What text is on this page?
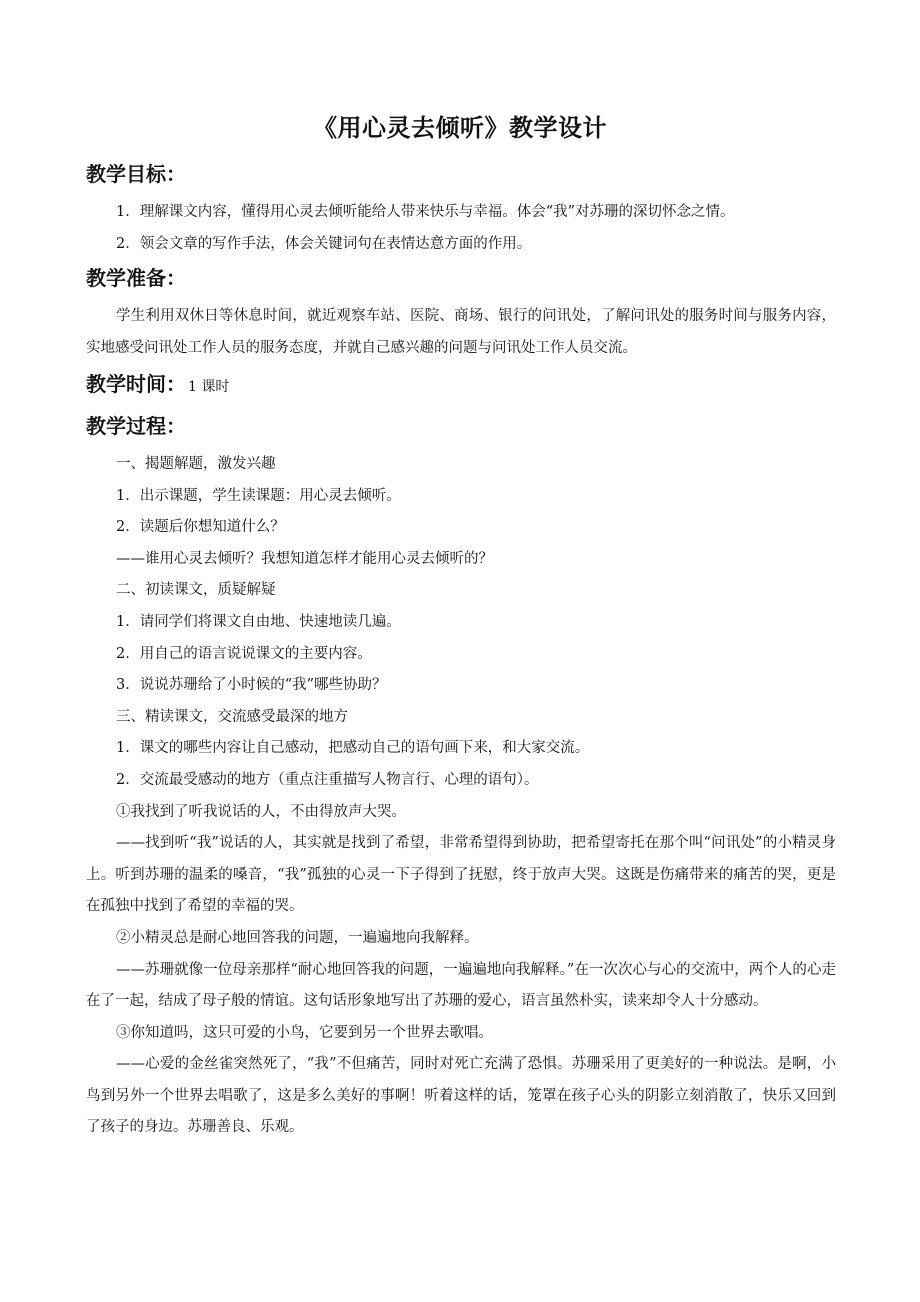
《用心灵去倾听》教学设计
教学目标：

1．理解课文内容，懂得用心灵去倾听能给人带来快乐与幸福。体会“我”对苏珊的深切怀念之情。

2．领会文章的写作手法，体会关键词句在表情达意方面的作用。

教学准备：

学生利用双休日等休息时间，就近观察车站、医院、商场、银行的问讯处，了解问讯处的服务时间与服务内容，实地感受问讯处工作人员的服务态度，并就自己感兴趣的问题与问讯处工作人员交流。

教学时间： 1 课时
教学过程：

一、揭题解题，激发兴趣

1．出示课题，学生读课题：用心灵去倾听。

2．读题后你想知道什么？

——谁用心灵去倾听？我想知道怎样才能用心灵去倾听的？

二、初读课文，质疑解疑

1．请同学们将课文自由地、快速地读几遍。

2．用自己的语言说说课文的主要内容。

3．说说苏珊给了小时候的“我”哪些协助？

三、精读课文，交流感受最深的地方

1．课文的哪些内容让自己感动，把感动自己的语句画下来，和大家交流。

2．交流最受感动的地方（重点注重描写人物言行、心理的语句）。

①我找到了听我说话的人，不由得放声大哭。

——找到听“我”说话的人，其实就是找到了希望，非常希望得到协助，把希望寄托在那个叫“问讯处”的小精灵身上。听到苏珊的温柔的嗓音，“我”孤独的心灵一下子得到了抚慰，终于放声大哭。这既是伤痛带来的痛苦的哭，更是在孤独中找到了希望的幸福的哭。

②小精灵总是耐心地回答我的问题，一遍遍地向我解释。

——苏珊就像一位母亲那样“耐心地回答我的问题，一遍遍地向我解释。”在一次次心与心的交流中，两个人的心走在了一起，结成了母子般的情谊。这句话形象地写出了苏珊的爱心，语言虽然朴实，读来却令人十分感动。

③你知道吗，这只可爱的小鸟，它要到另一个世界去歌唱。

——心爱的金丝雀突然死了，“我”不但痛苦，同时对死亡充满了恐惧。苏珊采用了更美好的一种说法。是啊，小鸟到另外一个世界去唱歌了，这是多么美好的事啊！听着这样的话，笼罩在孩子心头的阴影立刻消散了，快乐又回到了孩子的身边。苏珊善良、乐观。
